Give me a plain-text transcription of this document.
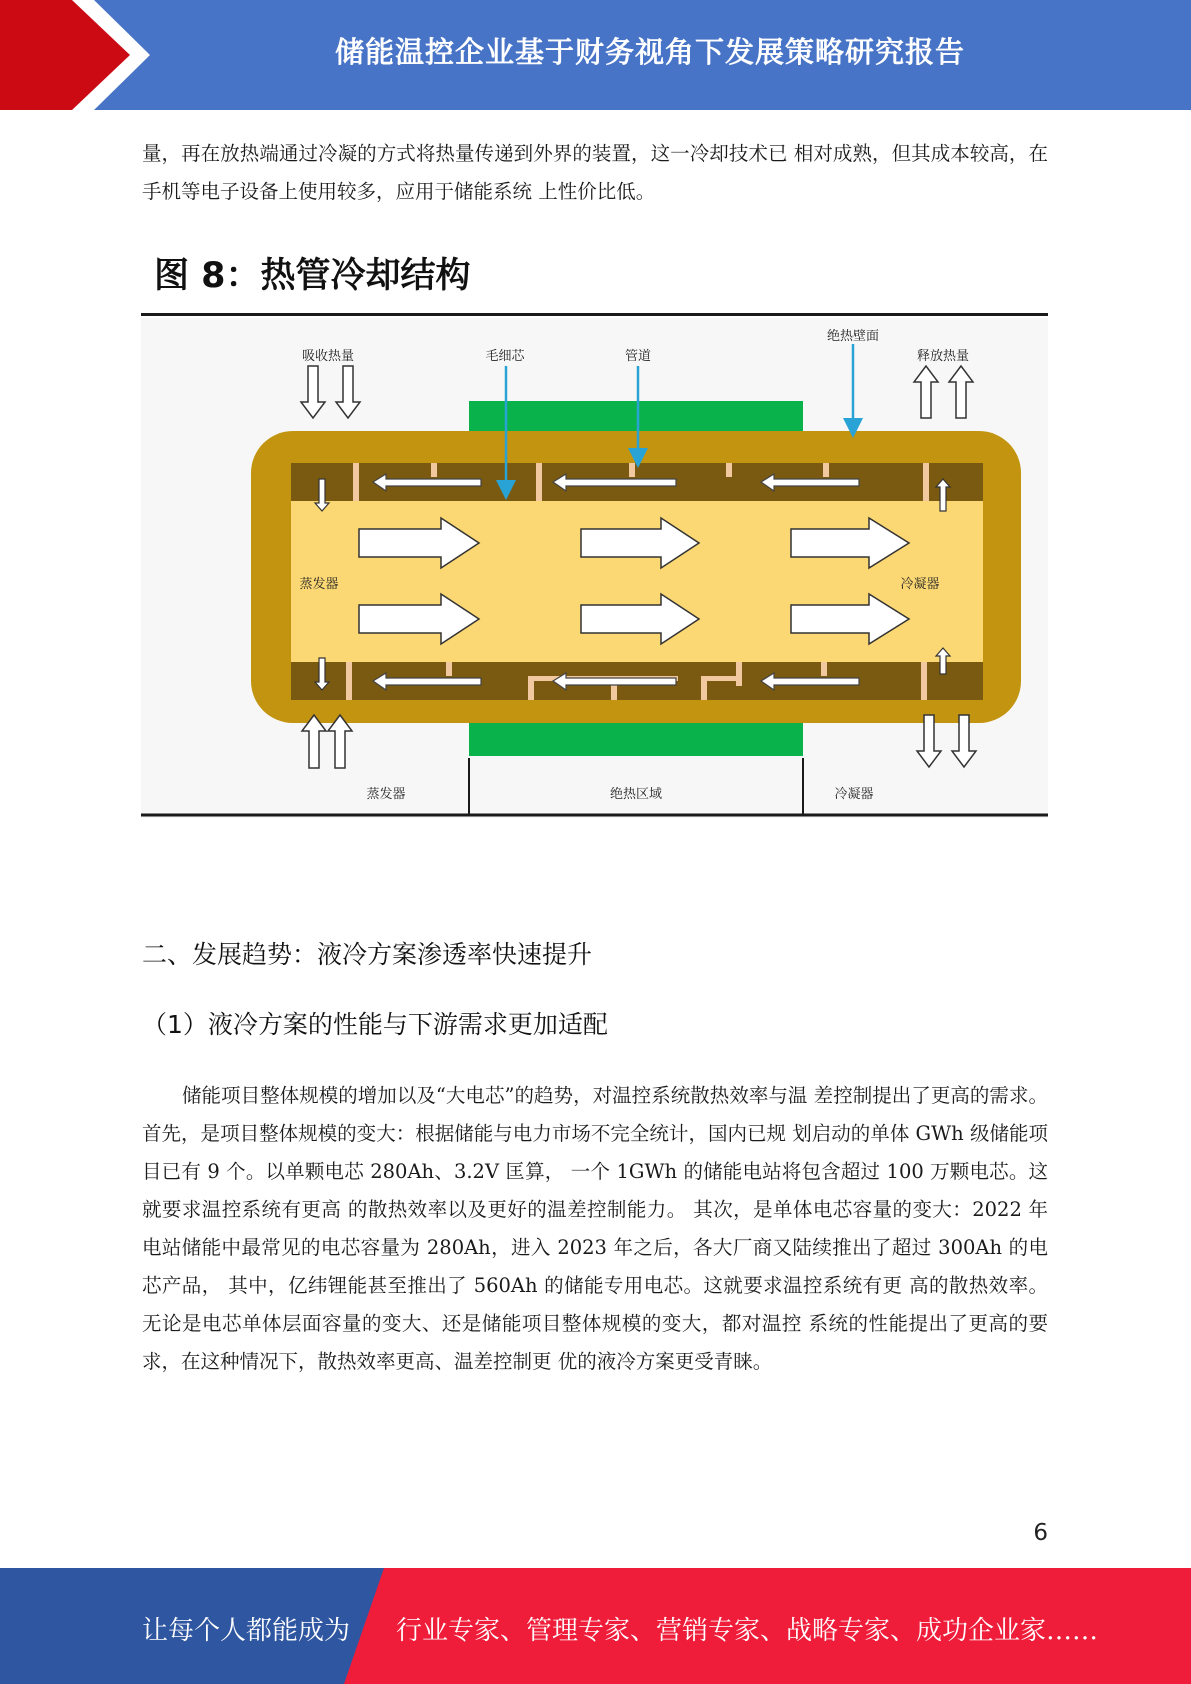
储能温控企业基于财务视角下发展策略研究报告

量，再在放热端通过冷凝的方式将热量传递到外界的装置，这一冷却技术已 相对成熟，但其成本较高，在手机等电子设备上使用较多，应用于储能系统 上性价比低。

图 8：热管冷却结构
吸收热量	毛细芯	管道
绝热壁面
释放热量
蒸发器	冷凝器
蒸发器	绝热区域	冷凝器
二、发展趋势：液冷方案渗透率快速提升
（1）液冷方案的性能与下游需求更加适配

储能项目整体规模的增加以及“大电芯”的趋势，对温控系统散热效率与温 差控制提出了更高的需求。 首先，是项目整体规模的变大：根据储能与电力市场不完全统计，国内已规 划启动的单体 GWh 级储能项目已有 9 个。以单颗电芯 280Ah、3.2V 匡算， 一个 1GWh 的储能电站将包含超过 100 万颗电芯。这就要求温控系统有更高 的散热效率以及更好的温差控制能力。 其次，是单体电芯容量的变大：2022 年电站储能中最常见的电芯容量为 280Ah，进入 2023 年之后，各大厂商又陆续推出了超过 300Ah 的电芯产品， 其中，亿纬锂能甚至推出了 560Ah 的储能专用电芯。这就要求温控系统有更 高的散热效率。 无论是电芯单体层面容量的变大、还是储能项目整体规模的变大，都对温控 系统的性能提出了更高的要求，在这种情况下，散热效率更高、温差控制更 优的液冷方案更受青睐。

6
让每个人都能成为 行业专家、管理专家、营销专家、战略专家、成功企业家……
